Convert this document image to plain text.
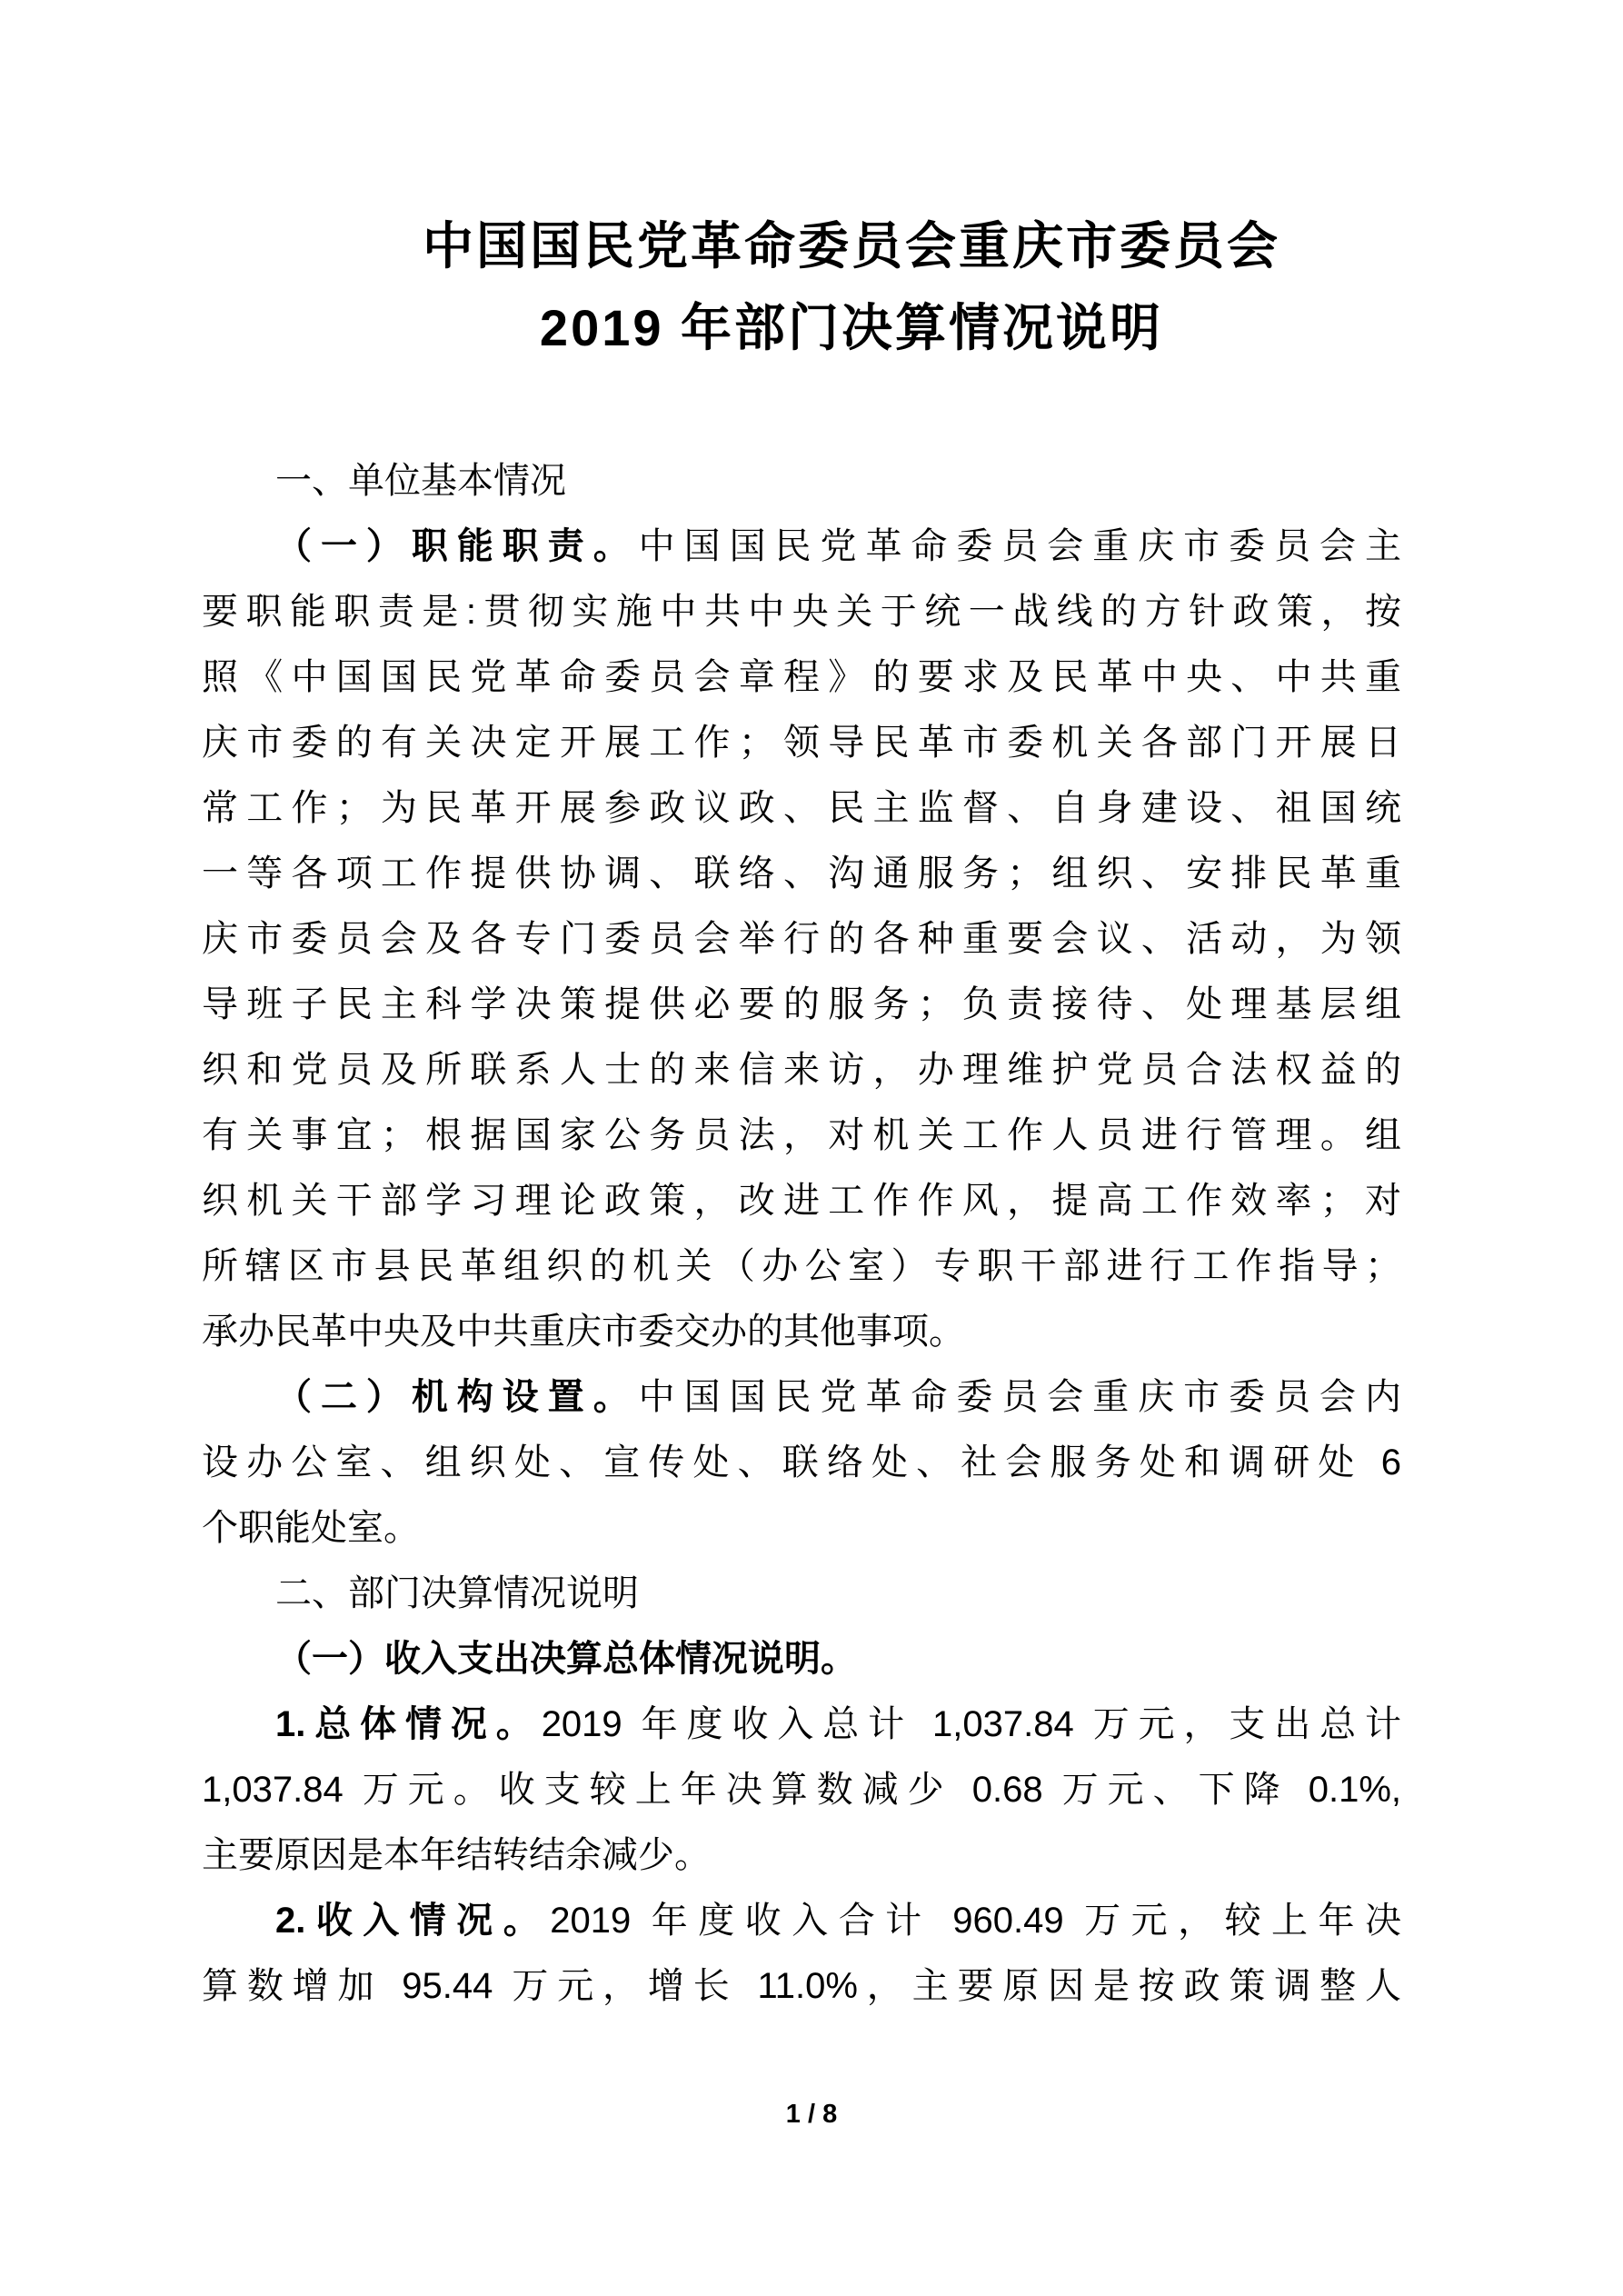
中国国民党革命委员会重庆市委员会
2019 年部门决算情况说明
一、单位基本情况
（一）职能职责。中国国民党革命委员会重庆市委员会主
要职能职责是:贯彻实施中共中央关于统一战线的方针政策，按
照《中国国民党革命委员会章程》的要求及民革中央、中共重
庆市委的有关决定开展工作；领导民革市委机关各部门开展日
常工作；为民革开展参政议政、民主监督、自身建设、祖国统
一等各项工作提供协调、联络、沟通服务；组织、安排民革重
庆市委员会及各专门委员会举行的各种重要会议、活动，为领
导班子民主科学决策提供必要的服务；负责接待、处理基层组
织和党员及所联系人士的来信来访，办理维护党员合法权益的
有关事宜；根据国家公务员法，对机关工作人员进行管理。组
织机关干部学习理论政策，改进工作作风，提高工作效率；对
所辖区市县民革组织的机关（办公室）专职干部进行工作指导；
承办民革中央及中共重庆市委交办的其他事项。
（二）机构设置。中国国民党革命委员会重庆市委员会内
设办公室、组织处、宣传处、联络处、社会服务处和调研处 6
个职能处室。
二、部门决算情况说明
（一）收入支出决算总体情况说明。
1.总体情况。2019 年度收入总计 1,037.84 万元，支出总计
1,037.84 万元。收支较上年决算数减少 0.68 万元、下降 0.1%,
主要原因是本年结转结余减少。
2.收入情况。2019 年度收入合计 960.49 万元，较上年决
算数增加 95.44 万元，增长 11.0%，主要原因是按政策调整人
1 / 8
